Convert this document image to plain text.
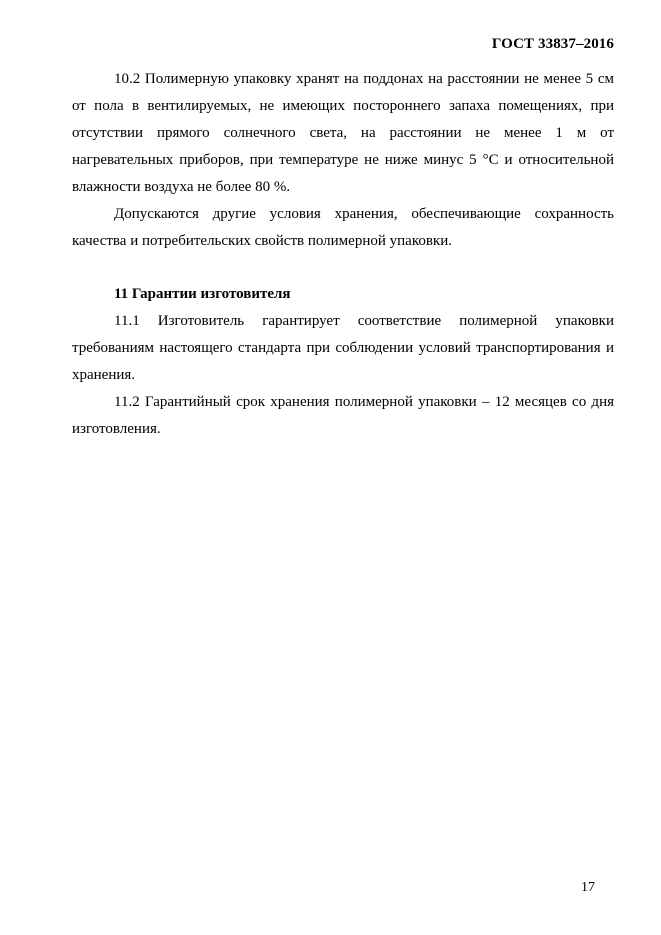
ГОСТ 33837–2016

10.2 Полимерную упаковку хранят на поддонах на расстоянии не менее 5 см от пола в вентилируемых, не имеющих постороннего запаха помещениях, при отсутствии прямого солнечного света, на расстоянии не менее 1 м от нагревательных приборов, при температуре не ниже минус 5 °С и относительной влажности воздуха не более 80 %.

Допускаются другие условия хранения, обеспечивающие сохранность качества и потребительских свойств полимерной упаковки.

11 Гарантии изготовителя

11.1 Изготовитель гарантирует соответствие полимерной упаковки требованиям настоящего стандарта при соблюдении условий транспортирования и хранения.

11.2 Гарантийный срок хранения полимерной упаковки – 12 месяцев со дня изготовления.

17
